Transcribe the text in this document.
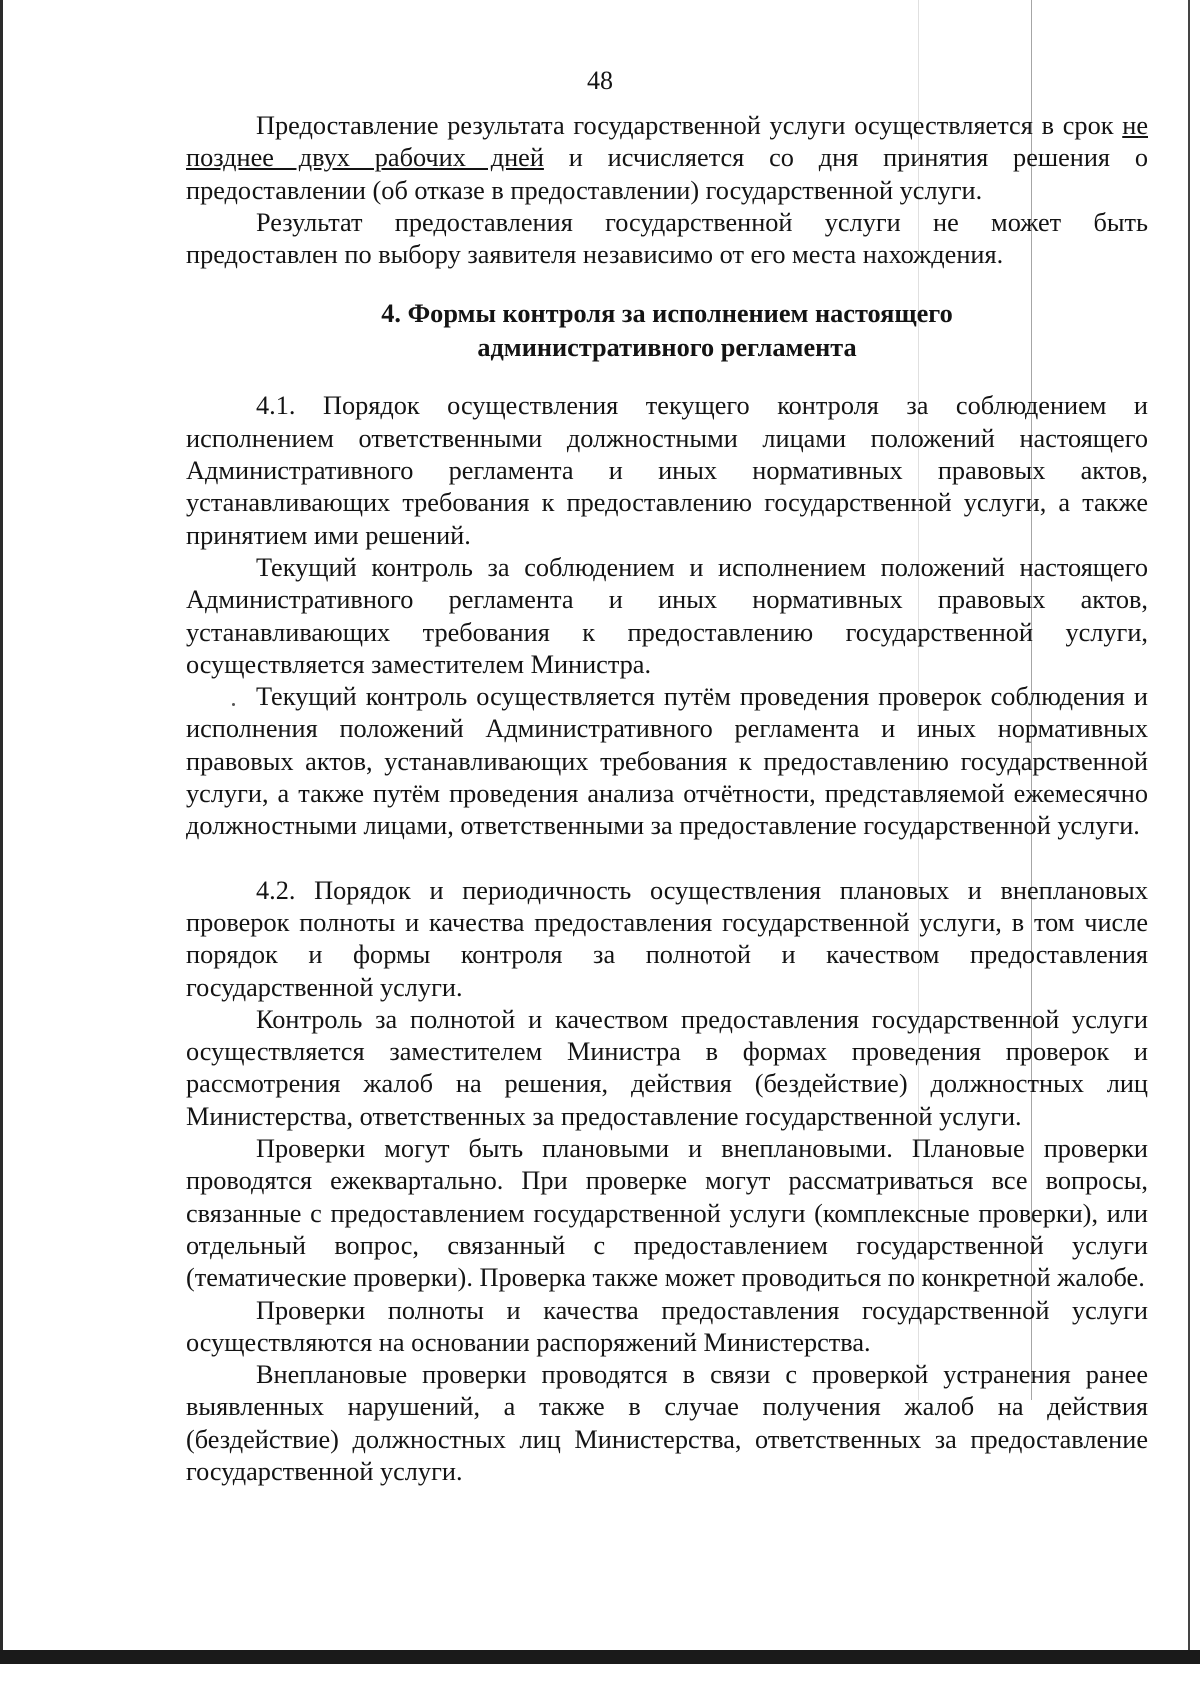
48

Предоставление результата государственной услуги осуществляется в срок не позднее двух рабочих дней и исчисляется со дня принятия решения о предоставлении (об отказе в предоставлении) государственной услуги.

Результат предоставления государственной услуги не может быть предоставлен по выбору заявителя независимо от его места нахождения.

4. Формы контроля за исполнением настоящего
административного регламента

4.1. Порядок осуществления текущего контроля за соблюдением и исполнением ответственными должностными лицами положений настоящего Административного регламента и иных нормативных правовых актов, устанавливающих требования к предоставлению государственной услуги, а также принятием ими решений.

Текущий контроль за соблюдением и исполнением положений настоящего Административного регламента и иных нормативных правовых актов, устанавливающих требования к предоставлению государственной услуги, осуществляется заместителем Министра.

Текущий контроль осуществляется путём проведения проверок соблюдения и исполнения положений Административного регламента и иных нормативных правовых актов, устанавливающих требования к предоставлению государственной услуги, а также путём проведения анализа отчётности, представляемой ежемесячно должностными лицами, ответственными за предоставление государственной услуги.

4.2. Порядок и периодичность осуществления плановых и внеплановых проверок полноты и качества предоставления государственной услуги, в том числе порядок и формы контроля за полнотой и качеством предоставления государственной услуги.

Контроль за полнотой и качеством предоставления государственной услуги осуществляется заместителем Министра в формах проведения проверок и рассмотрения жалоб на решения, действия (бездействие) должностных лиц Министерства, ответственных за предоставление государственной услуги.

Проверки могут быть плановыми и внеплановыми. Плановые проверки проводятся ежеквартально. При проверке могут рассматриваться все вопросы, связанные с предоставлением государственной услуги (комплексные проверки), или отдельный вопрос, связанный с предоставлением государственной услуги (тематические проверки). Проверка также может проводиться по конкретной жалобе.

Проверки полноты и качества предоставления государственной услуги осуществляются на основании распоряжений Министерства.

Внеплановые проверки проводятся в связи с проверкой устранения ранее выявленных нарушений, а также в случае получения жалоб на действия (бездействие) должностных лиц Министерства, ответственных за предоставление государственной услуги.
